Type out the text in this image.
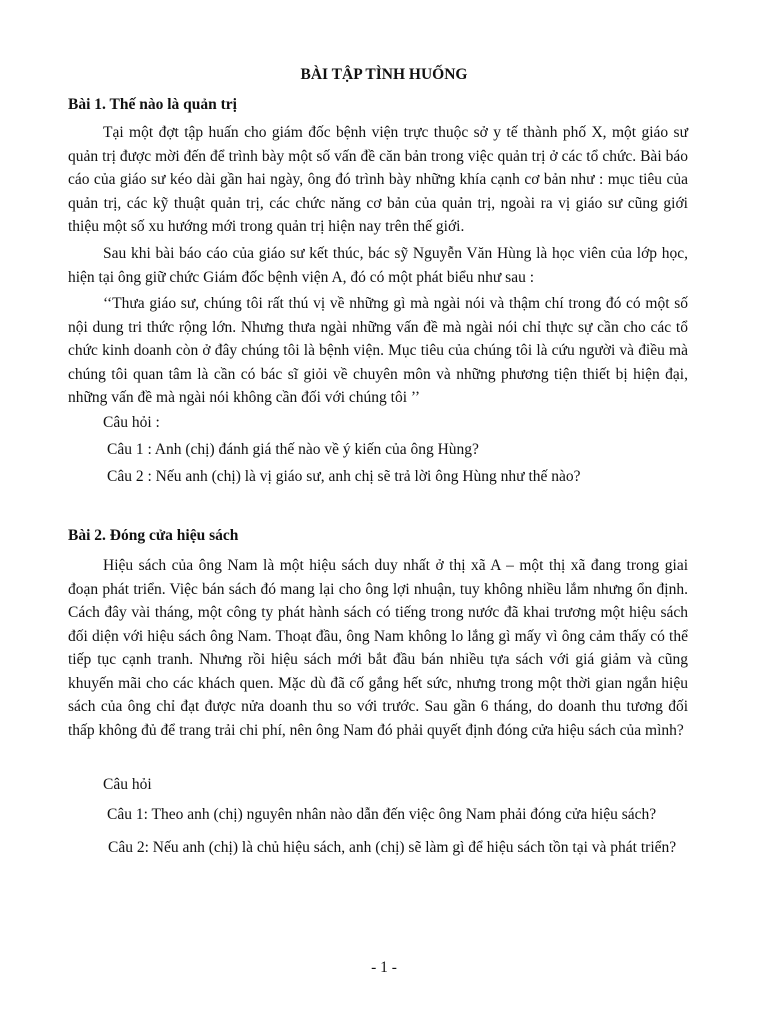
BÀI TẬP TÌNH HUỐNG
Bài 1. Thế nào là quản trị

Tại một đợt tập huấn cho giám đốc bệnh viện trực thuộc sở y tế thành phố X, một giáo sư quản trị được mời đến để trình bày một số vấn đề căn bản trong việc quản trị ở các tổ chức. Bài báo cáo của giáo sư kéo dài gần hai ngày, ông đó trình bày những khía cạnh cơ bản như : mục tiêu của quản trị, các kỹ thuật quản trị, các chức năng cơ bản của quản trị, ngoài ra vị giáo sư cũng giới thiệu một số xu hướng mới trong quản trị hiện nay trên thế giới.

Sau khi bài báo cáo của giáo sư kết thúc, bác sỹ Nguyễn Văn Hùng là học viên của lớp học, hiện tại ông giữ chức Giám đốc bệnh viện A, đó có một phát biểu như sau :

‘‘Thưa giáo sư, chúng tôi rất thú vị về những gì mà ngài nói và thậm chí trong đó có một số nội dung tri thức rộng lớn. Nhưng thưa ngài những vấn đề mà ngài nói chỉ thực sự cần cho các tổ chức kinh doanh còn ở đây chúng tôi là bệnh viện. Mục tiêu của chúng tôi là cứu người và điều mà chúng tôi quan tâm là cần có bác sĩ giỏi về chuyên môn và những phương tiện thiết bị hiện đại, những vấn đề mà ngài nói không cần đối với chúng tôi ’’

Câu hỏi :
Câu 1 : Anh (chị) đánh giá thế nào về ý kiến của ông Hùng?
Câu 2 : Nếu anh (chị) là vị giáo sư, anh chị sẽ trả lời ông Hùng như thế nào?
Bài 2. Đóng cửa hiệu sách

Hiệu sách của ông Nam là một hiệu sách duy nhất ở thị xã A – một thị xã đang trong giai đoạn phát triển. Việc bán sách đó mang lại cho ông lợi nhuận, tuy không nhiều lắm nhưng ổn định. Cách đây vài tháng, một công ty phát hành sách có tiếng trong nước đã khai trương một hiệu sách đối diện với hiệu sách ông Nam. Thoạt đầu, ông Nam không lo lắng gì mấy vì ông cảm thấy có thể tiếp tục cạnh tranh. Nhưng rồi hiệu sách mới bắt đầu bán nhiều tựa sách với giá giảm và cũng khuyến mãi cho các khách quen. Mặc dù đã cố gắng hết sức, nhưng trong một thời gian ngắn hiệu sách của ông chỉ đạt được nửa doanh thu so với trước. Sau gần 6 tháng, do doanh thu tương đối thấp không đủ để trang trải chi phí, nên ông Nam đó phải quyết định đóng cửa hiệu sách của mình?

Câu hỏi
Câu 1: Theo anh (chị) nguyên nhân nào dẫn đến việc ông Nam phải đóng cửa hiệu sách?

Câu 2: Nếu anh (chị) là chủ hiệu sách, anh (chị) sẽ làm gì để hiệu sách tồn tại và phát triển?

- 1 -
